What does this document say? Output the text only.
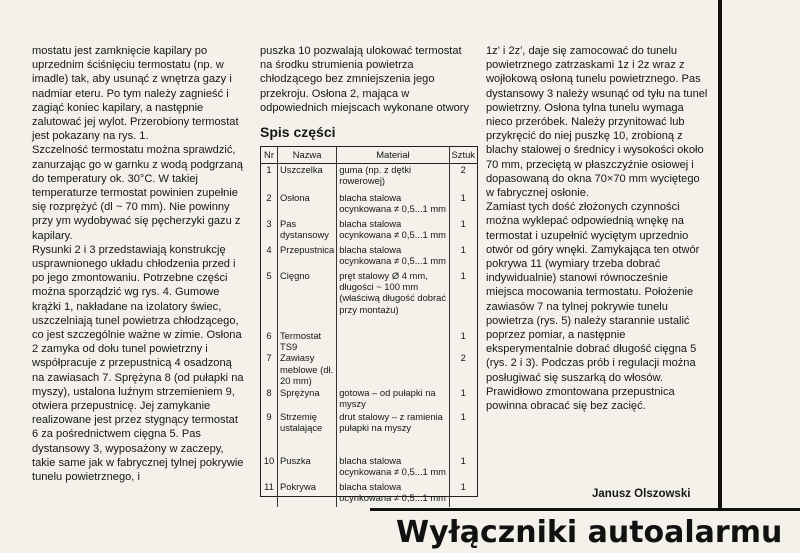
mostatu jest zamknięcie kapilary po uprzednim ściśnięciu termostatu (np. w imadle) tak, aby usunąć z wnętrza gazy i nadmiar eteru. Po tym należy zagnieść i zagiąć koniec kapilary, a następnie zalutować jej wylot. Przerobiony termostat jest pokazany na rys. 1.

Szczelność termostatu można sprawdzić, zanurzając go w garnku z wodą podgrzaną do temperatury ok. 30°C. W takiej temperaturze termostat powinien zupełnie się rozprężyć (dl ~ 70 mm). Nie powinny przy ym wydobywać się pęcherzyki gazu z kapilary.

Rysunki 2 i 3 przedstawiają konstrukcję usprawnionego układu chłodzenia przed i po jego zmontowaniu. Potrzebne części można sporządzić wg rys. 4. Gumowe krążki 1, nakładane na izolatory świec, uszczelniają tunel powietrza chłodzącego, co jest szczególnie ważne w zimie. Osłona 2 zamyka od dołu tunel powietrzny i współpracuje z przepustnicą 4 osadzoną na zawiasach 7. Sprężyna 8 (od pułapki na myszy), ustalona luźnym strzemieniem 9, otwiera przepustnicę. Jej zamykanie realizowane jest przez stygnący termostat 6 za pośrednictwem cięgna 5. Pas dystansowy 3, wyposażony w zaczepy, takie same jak w fabrycznej tylnej pokrywie tunelu powietrznego, i

puszka 10 pozwalają ulokować termostat na środku strumienia powietrza chłodzącego bez zmniejszenia jego przekroju. Osłona 2, mająca w odpowiednich miejscach wykonane otwory

Spis części
Nr	Nazwa	Materiał	Sztuk
1	Uszczelka	guma (np. z dętki rowerowej)	2
2	Osłona	blacha stalowa ocynkowana ≠ 0,5...1 mm	1
3	Pas dystansowy	blacha stalowa ocynkowana ≠ 0,5...1 mm	1
4	Przepustnica	blacha stalowa ocynkowana ≠ 0,5...1 mm	1
5	Cięgno	pręt stalowy Ø 4 mm, długości ~ 100 mm (właściwą długość dobrać przy montażu)	1
6	Termostat TS9		1
7	Zawiasy meblowe (dł. 20 mm)		2
8	Sprężyna	gotowa – od pułapki na myszy	1
9	Strzemię ustalające	drut stalowy – z ramienia pułapki na myszy	1
10	Puszka	blacha stalowa ocynkowana ≠ 0,5...1 mm	1
11	Pokrywa	blacha stalowa ocynkowana ≠ 0,5...1 mm	1

1z' i 2z', daje się zamocować do tunelu powietrznego zatrzaskami 1z i 2z wraz z wojłokową osłoną tunelu powietrznego. Pas dystansowy 3 należy wsunąć od tyłu na tunel powietrzny. Osłona tylna tunelu wymaga nieco przeróbek. Należy przynitować lub przykręcić do niej puszkę 10, zrobioną z blachy stalowej o średnicy i wysokości około 70 mm, przeciętą w płaszczyźnie osiowej i dopasowaną do okna 70×70 mm wyciętego w fabrycznej osłonie.

Zamiast tych dość złożonych czynności można wyklepać odpowiednią wnękę na termostat i uzupełnić wyciętym uprzednio otwór od góry wnęki. Zamykająca ten otwór pokrywa 11 (wymiary trzeba dobrać indywidualnie) stanowi równocześnie miejsca mocowania termostatu. Położenie zawiasów 7 na tylnej pokrywie tunelu powietrza (rys. 5) należy starannie ustalić poprzez pomiar, a następnie eksperymentalnie dobrać długość cięgna 5 (rys. 2 i 3). Podczas prób i regulacji można posługiwać się suszarką do włosów. Prawidłowo zmontowana przepustnica powinna obracać się bez zacięć.

Janusz Olszowski
Wyłączniki autoalarmu
